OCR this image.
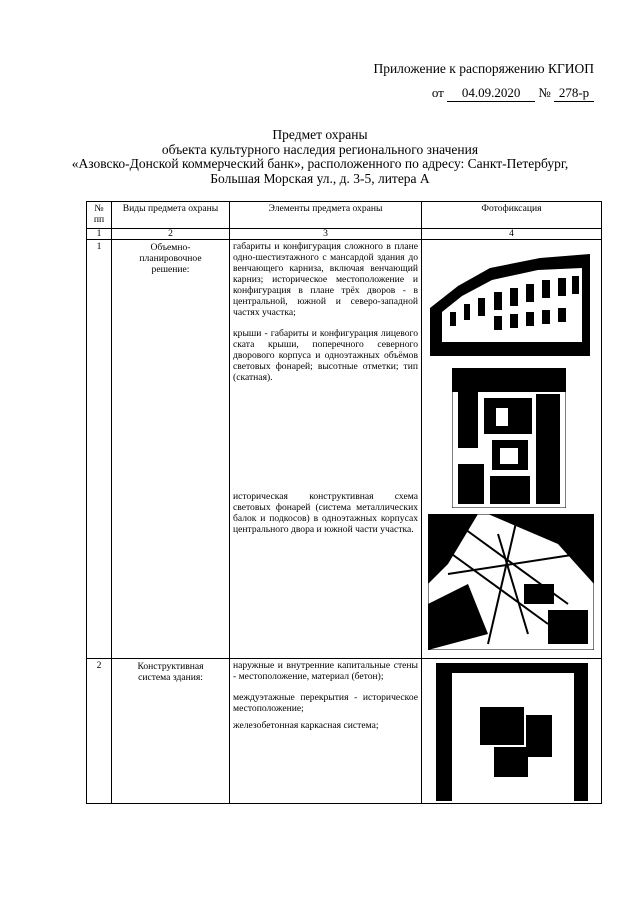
Приложение к распоряжению КГИОП
от 04.09.2020 № 278-р
Предмет охраны
объекта культурного наследия регионального значения
«Азовско-Донской коммерческий банк», расположенного по адресу: Санкт-Петербург,
Большая Морская ул., д. 3-5, литера А
№ пп	Виды предмета охраны	Элементы предмета охраны	Фотофиксация
1	2	3	4
1	Объемно-планировочное решение:	габариты и конфигурация сложного в плане одно-шестиэтажного с мансардой здания до венчающего карниза, включая венчающий карниз; историческое местоположение и конфигурация в плане трёх дворов - в центральной, южной и северо-западной частях участка;

крыши - габариты и конфигурация лицевого ската крыши, поперечного северного дворового корпуса и одноэтажных объёмов световых фонарей; высотные отметки; тип (скатная).

историческая конструктивная схема световых фонарей (система металлических балок и подкосов) в одноэтажных корпусах центрального двора и южной части участка.

2	Конструктивная система здания:	наружные и внутренние капитальные стены - местоположение, материал (бетон);

междуэтажные перекрытия - историческое местоположение;

железобетонная каркасная система;
